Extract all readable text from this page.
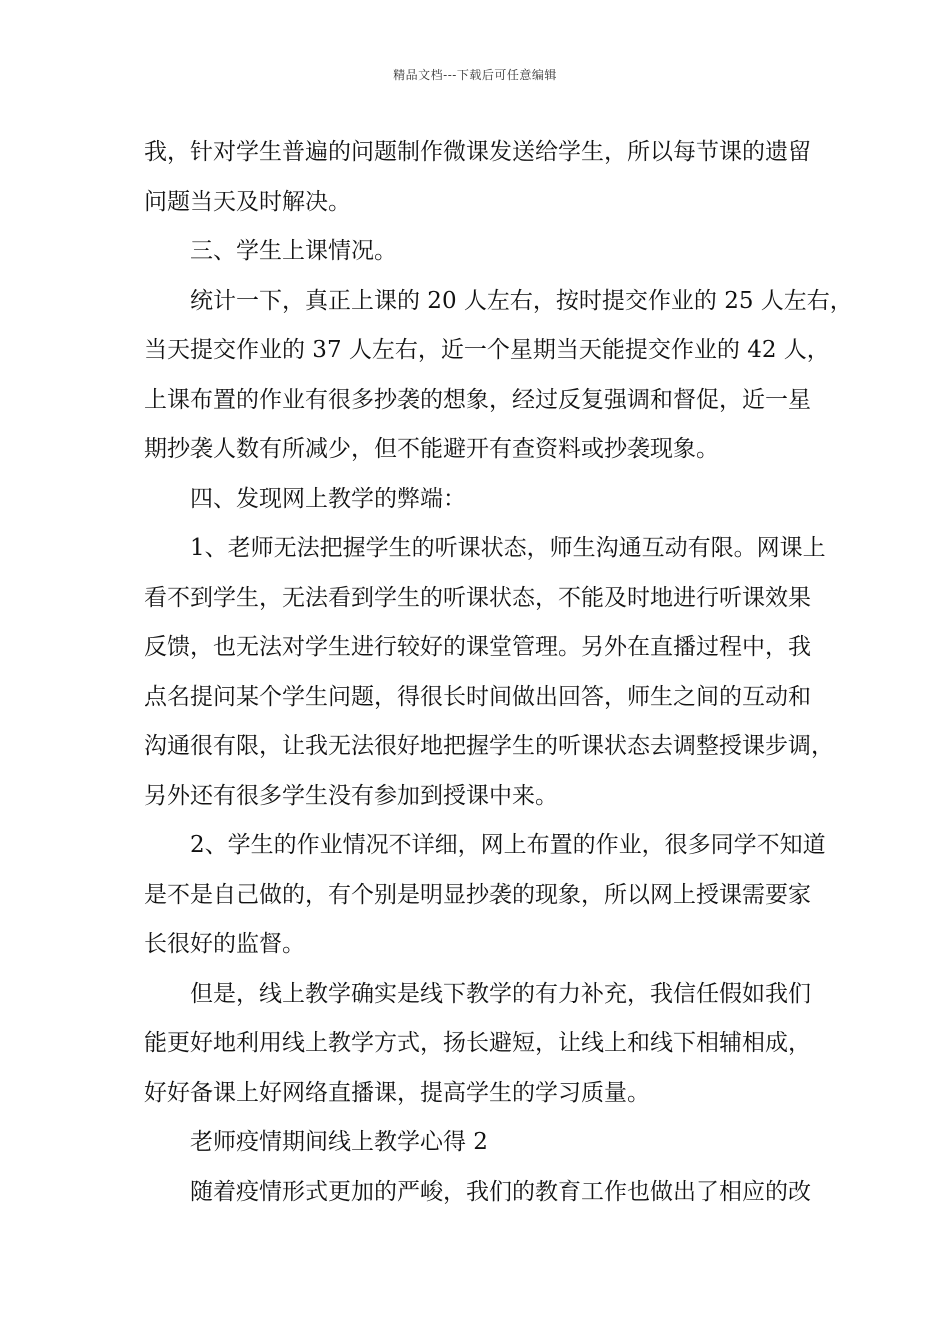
精品文档---下载后可任意编辑
我，针对学生普遍的问题制作微课发送给学生，所以每节课的遗留
问题当天及时解决。
三、学生上课情况。
统计一下，真正上课的 20 人左右，按时提交作业的 25 人左右，
当天提交作业的 37 人左右，近一个星期当天能提交作业的 42 人，
上课布置的作业有很多抄袭的想象，经过反复强调和督促，近一星
期抄袭人数有所减少，但不能避开有查资料或抄袭现象。
四、发现网上教学的弊端：
1、老师无法把握学生的听课状态，师生沟通互动有限。网课上
看不到学生，无法看到学生的听课状态，不能及时地进行听课效果
反馈，也无法对学生进行较好的课堂管理。另外在直播过程中，我
点名提问某个学生问题，得很长时间做出回答，师生之间的互动和
沟通很有限，让我无法很好地把握学生的听课状态去调整授课步调，
另外还有很多学生没有参加到授课中来。
2、学生的作业情况不详细，网上布置的作业，很多同学不知道
是不是自己做的，有个别是明显抄袭的现象，所以网上授课需要家
长很好的监督。
但是，线上教学确实是线下教学的有力补充，我信任假如我们
能更好地利用线上教学方式，扬长避短，让线上和线下相辅相成，
好好备课上好网络直播课，提高学生的学习质量。
老师疫情期间线上教学心得 2
随着疫情形式更加的严峻，我们的教育工作也做出了相应的改
